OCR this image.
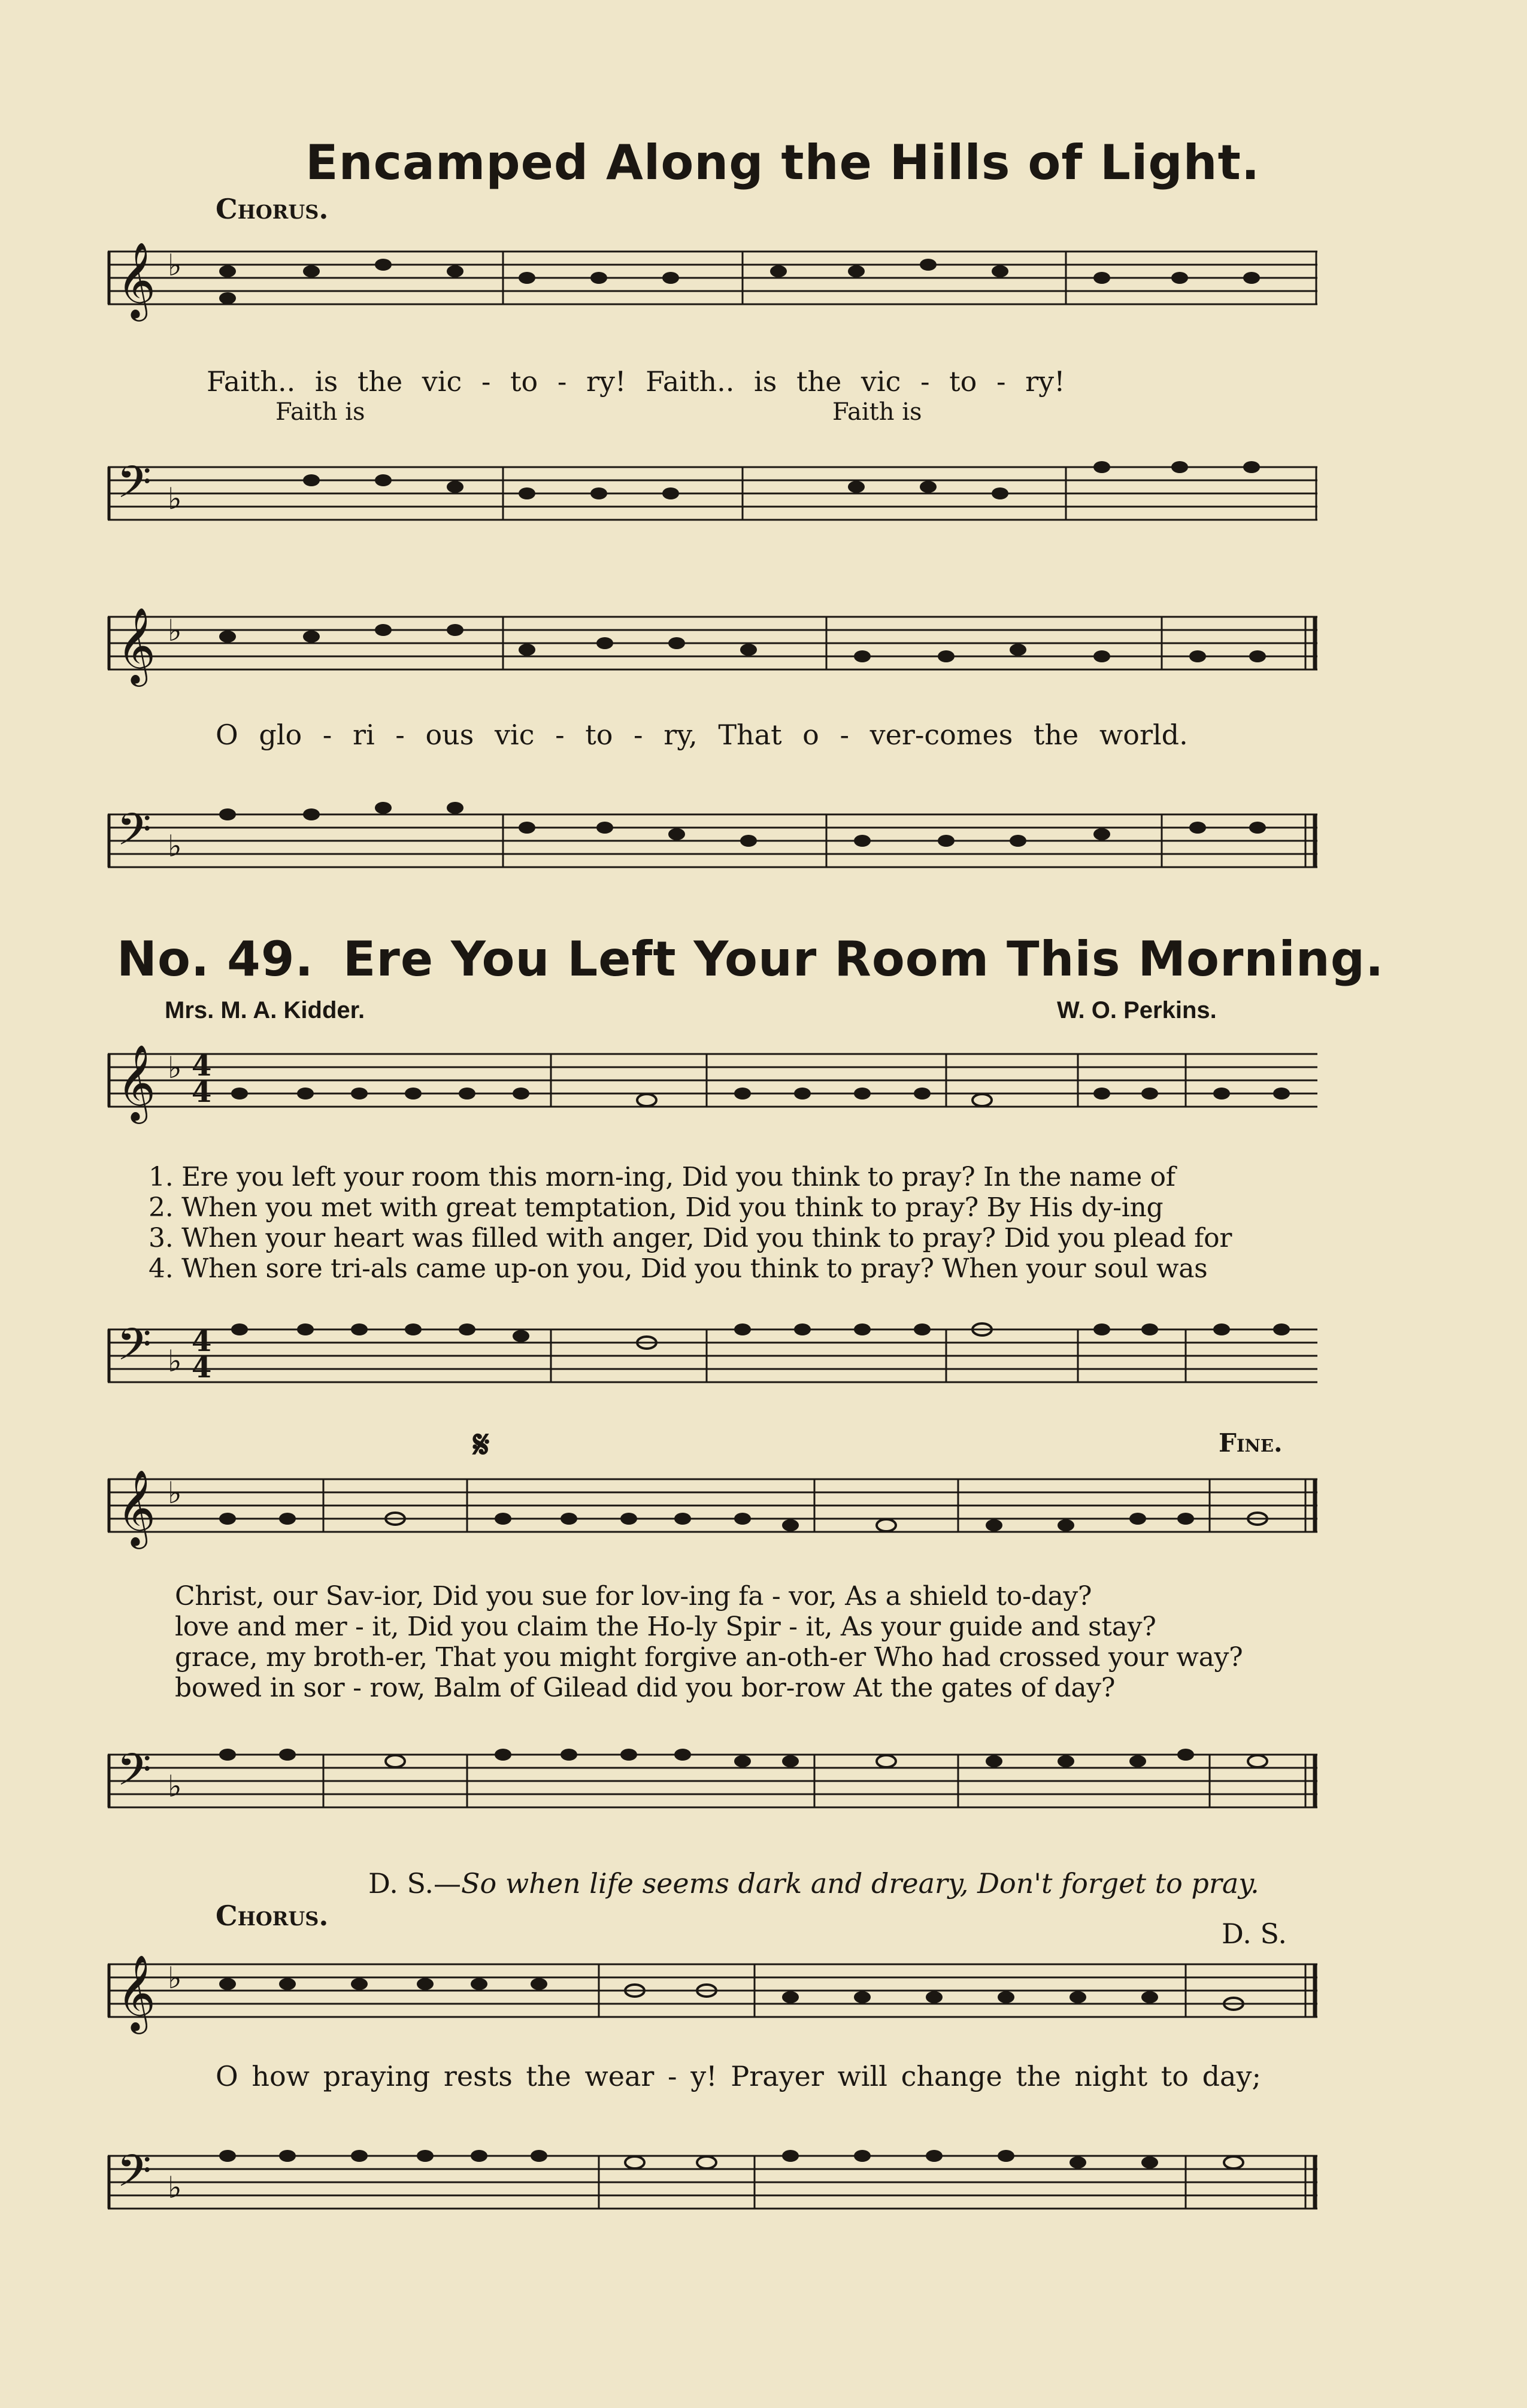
Encamped Along the Hills of Light.
Chorus.
𝄞 ♭
Faith.. is the vic - to - ry! Faith.. is the vic - to - ry!
Faith is	Faith is
𝄢 ♭
𝄞 ♭
O glo - ri - ous vic - to - ry, That o - ver-comes the world.
𝄢 ♭
No. 49. Ere You Left Your Room This Morning.
Mrs. M. A. Kidder.	W. O. Perkins.
𝄞 ♭ 4
4
1. Ere you left your room this morn-ing, Did you think to pray? In the name of
2. When you met with great temptation, Did you think to pray? By His dy-ing
3. When your heart was filled with anger, Did you think to pray? Did you plead for
4. When sore tri-als came up-on you, Did you think to pray? When your soul was
𝄢 ♭
4
4
𝄋	Fine.
𝄞 ♭
Christ, our Sav-ior, Did you sue for lov-ing fa - vor, As a shield to-day?
love and mer - it, Did you claim the Ho-ly Spir - it, As your guide and stay?
grace, my broth-er, That you might forgive an-oth-er Who had crossed your way?
bowed in sor - row, Balm of Gilead did you bor-row At the gates of day?
𝄢 ♭
D. S.—So when life seems dark and dreary, Don't forget to pray.
Chorus.
D. S.
𝄞 ♭
O how praying rests the wear - y! Prayer will change the night to day;
𝄢 ♭
